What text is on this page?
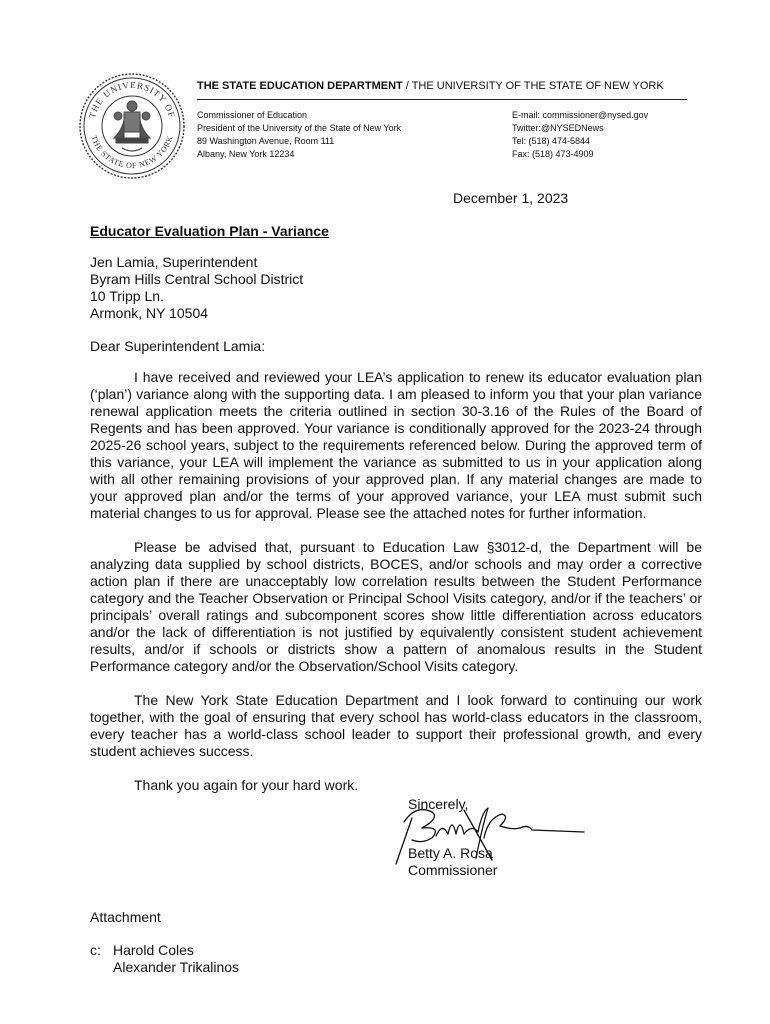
THE UNIVERSITY OF
THE STATE OF NEW YORK
THE STATE EDUCATION DEPARTMENT / THE UNIVERSITY OF THE STATE OF NEW YORK
Commissioner of Education
President of the University of the State of New York
89 Washington Avenue, Room 111
Albany, New York 12234
E-mail: commissioner@nysed.gov
Twitter:@NYSEDNews
Tel: (518) 474-5844
Fax: (518) 473-4909
December 1, 2023
Educator Evaluation Plan - Variance
Jen Lamia, Superintendent
Byram Hills Central School District
10 Tripp Ln.
Armonk, NY 10504
Dear Superintendent Lamia:

I have received and reviewed your LEA’s application to renew its educator evaluation plan (‘plan’) variance along with the supporting data. I am pleased to inform you that your plan variance renewal application meets the criteria outlined in section 30-3.16 of the Rules of the Board of Regents and has been approved. Your variance is conditionally approved for the 2023-24 through 2025-26 school years, subject to the requirements referenced below. During the approved term of this variance, your LEA will implement the variance as submitted to us in your application along with all other remaining provisions of your approved plan. If any material changes are made to your approved plan and/or the terms of your approved variance, your LEA must submit such material changes to us for approval. Please see the attached notes for further information.

Please be advised that, pursuant to Education Law §3012-d, the Department will be analyzing data supplied by school districts, BOCES, and/or schools and may order a corrective action plan if there are unacceptably low correlation results between the Student Performance category and the Teacher Observation or Principal School Visits category, and/or if the teachers’ or principals’ overall ratings and subcomponent scores show little differentiation across educators and/or the lack of differentiation is not justified by equivalently consistent student achievement results, and/or if schools or districts show a pattern of anomalous results in the Student Performance category and/or the Observation/School Visits category.

The New York State Education Department and I look forward to continuing our work together, with the goal of ensuring that every school has world-class educators in the classroom, every teacher has a world-class school leader to support their professional growth, and every student achieves success.

Thank you again for your hard work.

Sincerely,
Betty A. Rosa
Commissioner
Attachment
c: Harold Coles
Alexander Trikalinos
